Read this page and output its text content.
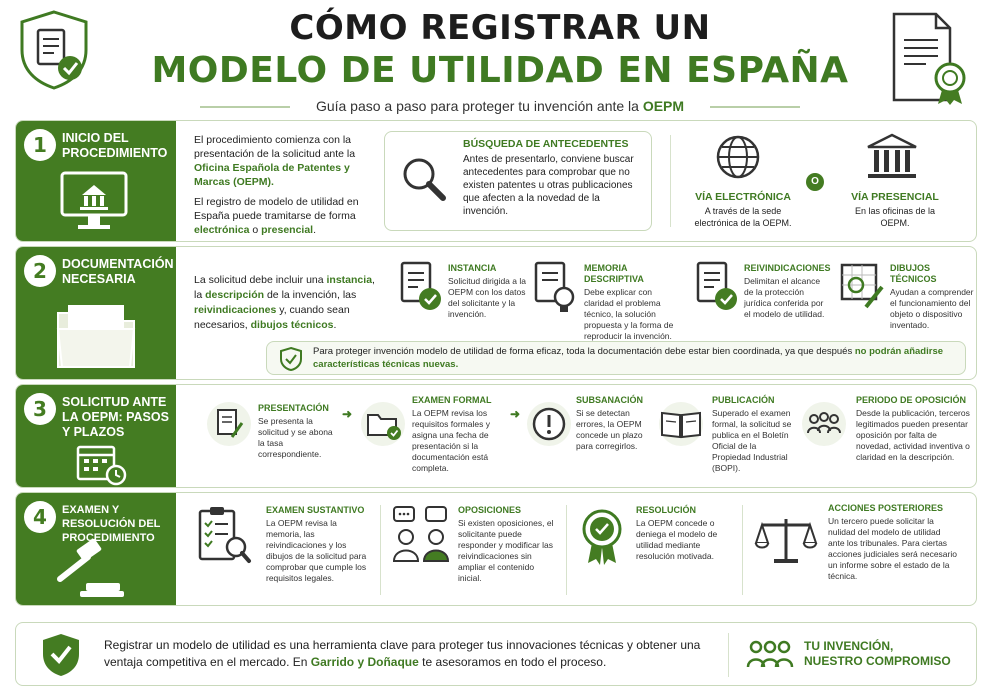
CÓMO REGISTRAR UN
MODELO DE UTILIDAD EN ESPAÑA
Guía paso a paso para proteger tu invención ante la OEPM
1	INICIO DEL PROCEDIMIENTO
El procedimiento comienza con la presentación de la solicitud ante la Oficina Española de Patentes y Marcas (OEPM).
El registro de modelo de utilidad en España puede tramitarse de forma electrónica o presencial.
BÚSQUEDA DE ANTECEDENTES
Antes de presentarlo, conviene buscar antecedentes para comprobar que no existen patentes u otras publicaciones que afecten a la novedad de la invención.
VÍA ELECTRÓNICA
A través de la sede electrónica de la OEPM.
O
VÍA PRESENCIAL
En las oficinas de la OEPM.
2	DOCUMENTACIÓN NECESARIA	La solicitud debe incluir una instancia, la descripción de la invención, las reivindicaciones y, cuando sean necesarios, dibujos técnicos.
INSTANCIA
Solicitud dirigida a la OEPM con los datos del solicitante y la invención.
MEMORIA DESCRIPTIVA
Debe explicar con claridad el problema técnico, la solución propuesta y la forma de reproducir la invención.
REIVINDICACIONES
Delimitan el alcance de la protección jurídica conferida por el modelo de utilidad.
DIBUJOS TÉCNICOS
Ayudan a comprender el funcionamiento del objeto o dispositivo inventado.
Para proteger invención modelo de utilidad de forma eficaz, toda la documentación debe estar bien coordinada, ya que después no podrán añadirse características técnicas nuevas.
3	SOLICITUD ANTE LA OEPM: PASOS Y PLAZOS
PRESENTACIÓN
Se presenta la solicitud y se abona la tasa correspondiente.
➜
EXAMEN FORMAL
La OEPM revisa los requisitos formales y asigna una fecha de presentación si la documentación está completa.
➜
SUBSANACIÓN
Si se detectan errores, la OEPM concede un plazo para corregirlos.
PUBLICACIÓN
Superado el examen formal, la solicitud se publica en el Boletín Oficial de la Propiedad Industrial (BOPI).
PERIODO DE OPOSICIÓN
Desde la publicación, terceros legitimados pueden presentar oposición por falta de novedad, actividad inventiva o claridad en la descripción.
4	EXAMEN Y RESOLUCIÓN DEL PROCEDIMIENTO
EXAMEN SUSTANTIVO
La OEPM revisa la memoria, las reivindicaciones y los dibujos de la solicitud para comprobar que cumple los requisitos legales.
OPOSICIONES
Si existen oposiciones, el solicitante puede responder y modificar las reivindicaciones sin ampliar el contenido inicial.
RESOLUCIÓN
La OEPM concede o deniega el modelo de utilidad mediante resolución motivada.
ACCIONES POSTERIORES
Un tercero puede solicitar la nulidad del modelo de utilidad ante los tribunales. Para ciertas acciones judiciales será necesario un informe sobre el estado de la técnica.
Registrar un modelo de utilidad es una herramienta clave para proteger tus innovaciones técnicas y obtener una ventaja competitiva en el mercado. En Garrido y Doñaque te asesoramos en todo el proceso.
TU INVENCIÓN,
NUESTRO COMPROMISO
